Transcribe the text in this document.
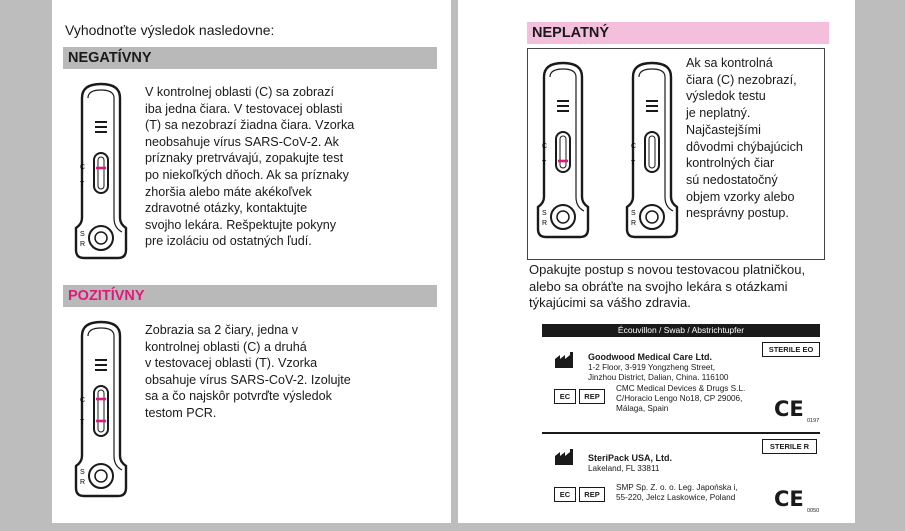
Vyhodnoťte výsledok nasledovne:
NEGATÍVNY
C
T
S
R
V kontrolnej oblasti (C) sa zobrazí
iba jedna čiara. V testovacej oblasti
(T) sa nezobrazí žiadna čiara. Vzorka
neobsahuje vírus SARS-CoV-2. Ak
príznaky pretrvávajú, zopakujte test
po niekoľkých dňoch. Ak sa príznaky
zhoršia alebo máte akékoľvek
zdravotné otázky, kontaktujte
svojho lekára. Rešpektujte pokyny
pre izoláciu od ostatných ľudí.
POZITÍVNY
C
T
S
R
Zobrazia sa 2 čiary, jedna v
kontrolnej oblasti (C) a druhá
v testovacej oblasti (T). Vzorka
obsahuje vírus SARS-CoV-2. Izolujte
sa a čo najskôr potvrďte výsledok
testom PCR.
NEPLATNÝ
C
T
S
R
C
T
S
R
Ak sa kontrolná
čiara (C) nezobrazí,
výsledok testu
je neplatný.
Najčastejšími
dôvodmi chýbajúcich
kontrolných čiar
sú nedostatočný
objem vzorky alebo
nesprávny postup.
Opakujte postup s novou testovacou platničkou,
alebo sa obráťte na svojho lekára s otázkami
týkajúcimi sa vášho zdravia.
Écouvillon / Swab / Abstrichtupfer

Goodwood Medical Care Ltd.

1-2 Floor, 3-919 Yongzheng Street,
Jinzhou District, Dalian, China. 116100

STERILE EO
EC	REP
CMC Medical Devices & Drugs S.L.
C/Horacio Lengo No18, CP 29006,
Málaga, Spain	CE 0197

SteriPack USA, Ltd.

Lakeland, FL 33811

STERILE R
EC	REP
SMP Sp. Z. o. o. Leg. Japońska i,
55-220, Jelcz Laskowice, Poland CE 0050
